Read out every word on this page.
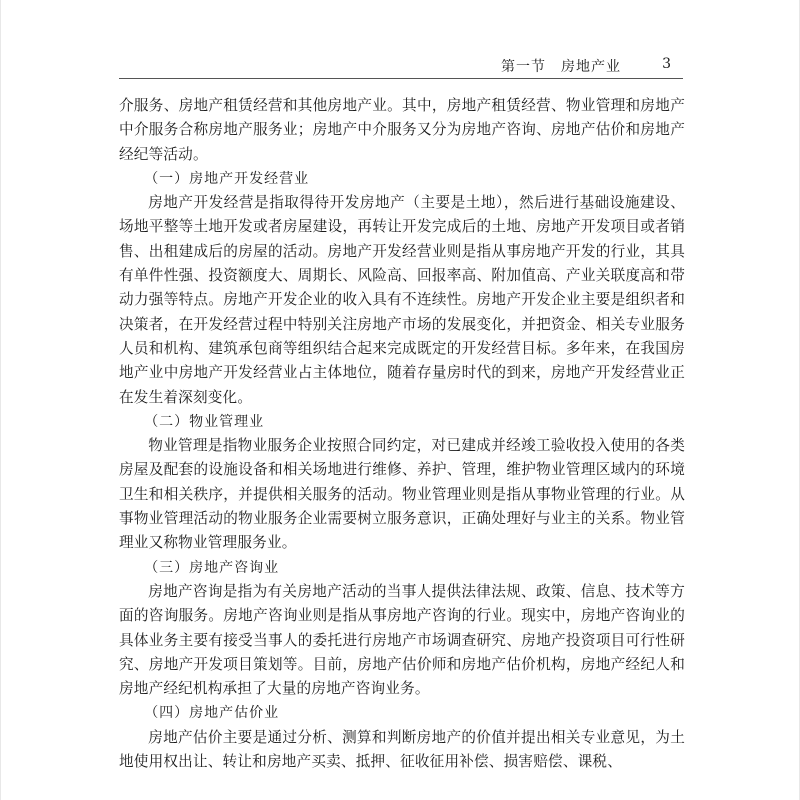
第一节　房地产业	3

介服务、房地产租赁经营和其他房地产业。其中，房地产租赁经营、物业管理和房地产中介服务合称房地产服务业；房地产中介服务又分为房地产咨询、房地产估价和房地产经纪等活动。

（一）房地产开发经营业

房地产开发经营是指取得待开发房地产（主要是土地），然后进行基础设施建设、场地平整等土地开发或者房屋建设，再转让开发完成后的土地、房地产开发项目或者销售、出租建成后的房屋的活动。房地产开发经营业则是指从事房地产开发的行业，其具有单件性强、投资额度大、周期长、风险高、回报率高、附加值高、产业关联度高和带动力强等特点。房地产开发企业的收入具有不连续性。房地产开发企业主要是组织者和决策者，在开发经营过程中特别关注房地产市场的发展变化，并把资金、相关专业服务人员和机构、建筑承包商等组织结合起来完成既定的开发经营目标。多年来，在我国房地产业中房地产开发经营业占主体地位，随着存量房时代的到来，房地产开发经营业正在发生着深刻变化。

（二）物业管理业

物业管理是指物业服务企业按照合同约定，对已建成并经竣工验收投入使用的各类房屋及配套的设施设备和相关场地进行维修、养护、管理，维护物业管理区域内的环境卫生和相关秩序，并提供相关服务的活动。物业管理业则是指从事物业管理的行业。从事物业管理活动的物业服务企业需要树立服务意识，正确处理好与业主的关系。物业管理业又称物业管理服务业。

（三）房地产咨询业

房地产咨询是指为有关房地产活动的当事人提供法律法规、政策、信息、技术等方面的咨询服务。房地产咨询业则是指从事房地产咨询的行业。现实中，房地产咨询业的具体业务主要有接受当事人的委托进行房地产市场调查研究、房地产投资项目可行性研究、房地产开发项目策划等。目前，房地产估价师和房地产估价机构，房地产经纪人和房地产经纪机构承担了大量的房地产咨询业务。

（四）房地产估价业

房地产估价主要是通过分析、测算和判断房地产的价值并提出相关专业意见，为土地使用权出让、转让和房地产买卖、抵押、征收征用补偿、损害赔偿、课税、
